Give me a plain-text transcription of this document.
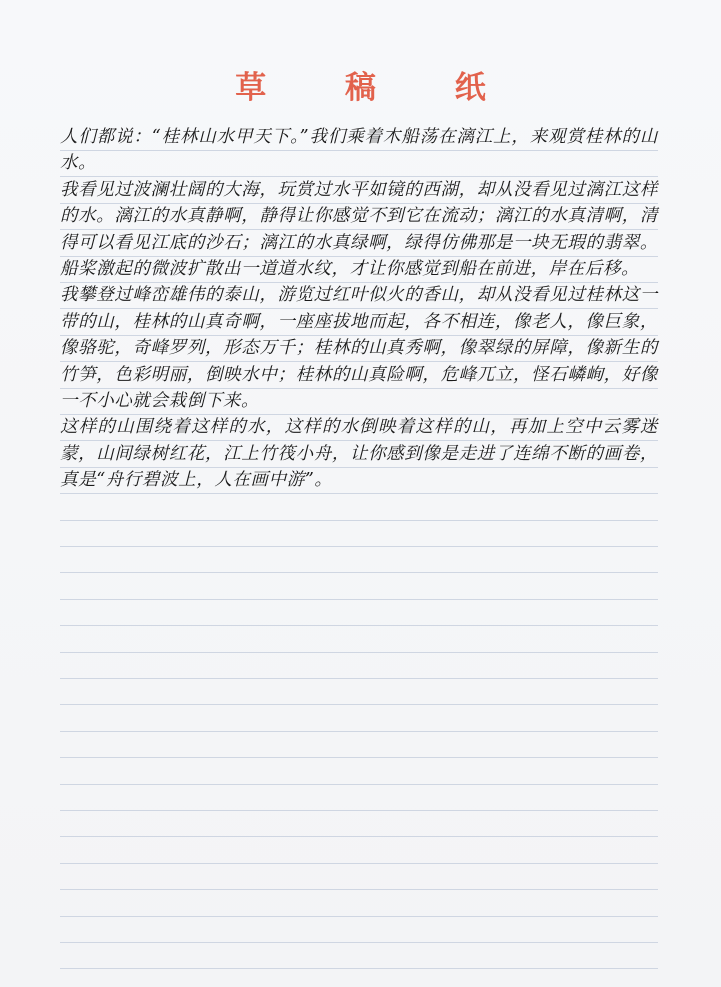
草 稿 纸

人们都说：“桂林山水甲天下。”我们乘着木船荡在漓江上，来观赏桂林的山水。

我看见过波澜壮阔的大海，玩赏过水平如镜的西湖，却从没看见过漓江这样的水。漓江的水真静啊，静得让你感觉不到它在流动；漓江的水真清啊，清得可以看见江底的沙石；漓江的水真绿啊，绿得仿佛那是一块无瑕的翡翠。船桨激起的微波扩散出一道道水纹，才让你感觉到船在前进，岸在后移。

我攀登过峰峦雄伟的泰山，游览过红叶似火的香山，却从没看见过桂林这一带的山，桂林的山真奇啊，一座座拔地而起，各不相连，像老人，像巨象，像骆驼，奇峰罗列，形态万千；桂林的山真秀啊，像翠绿的屏障，像新生的竹笋，色彩明丽，倒映水中；桂林的山真险啊，危峰兀立，怪石嶙峋，好像一不小心就会栽倒下来。

这样的山围绕着这样的水，这样的水倒映着这样的山，再加上空中云雾迷蒙，山间绿树红花，江上竹筏小舟，让你感到像是走进了连绵不断的画卷，真是“舟行碧波上，人在画中游”。
